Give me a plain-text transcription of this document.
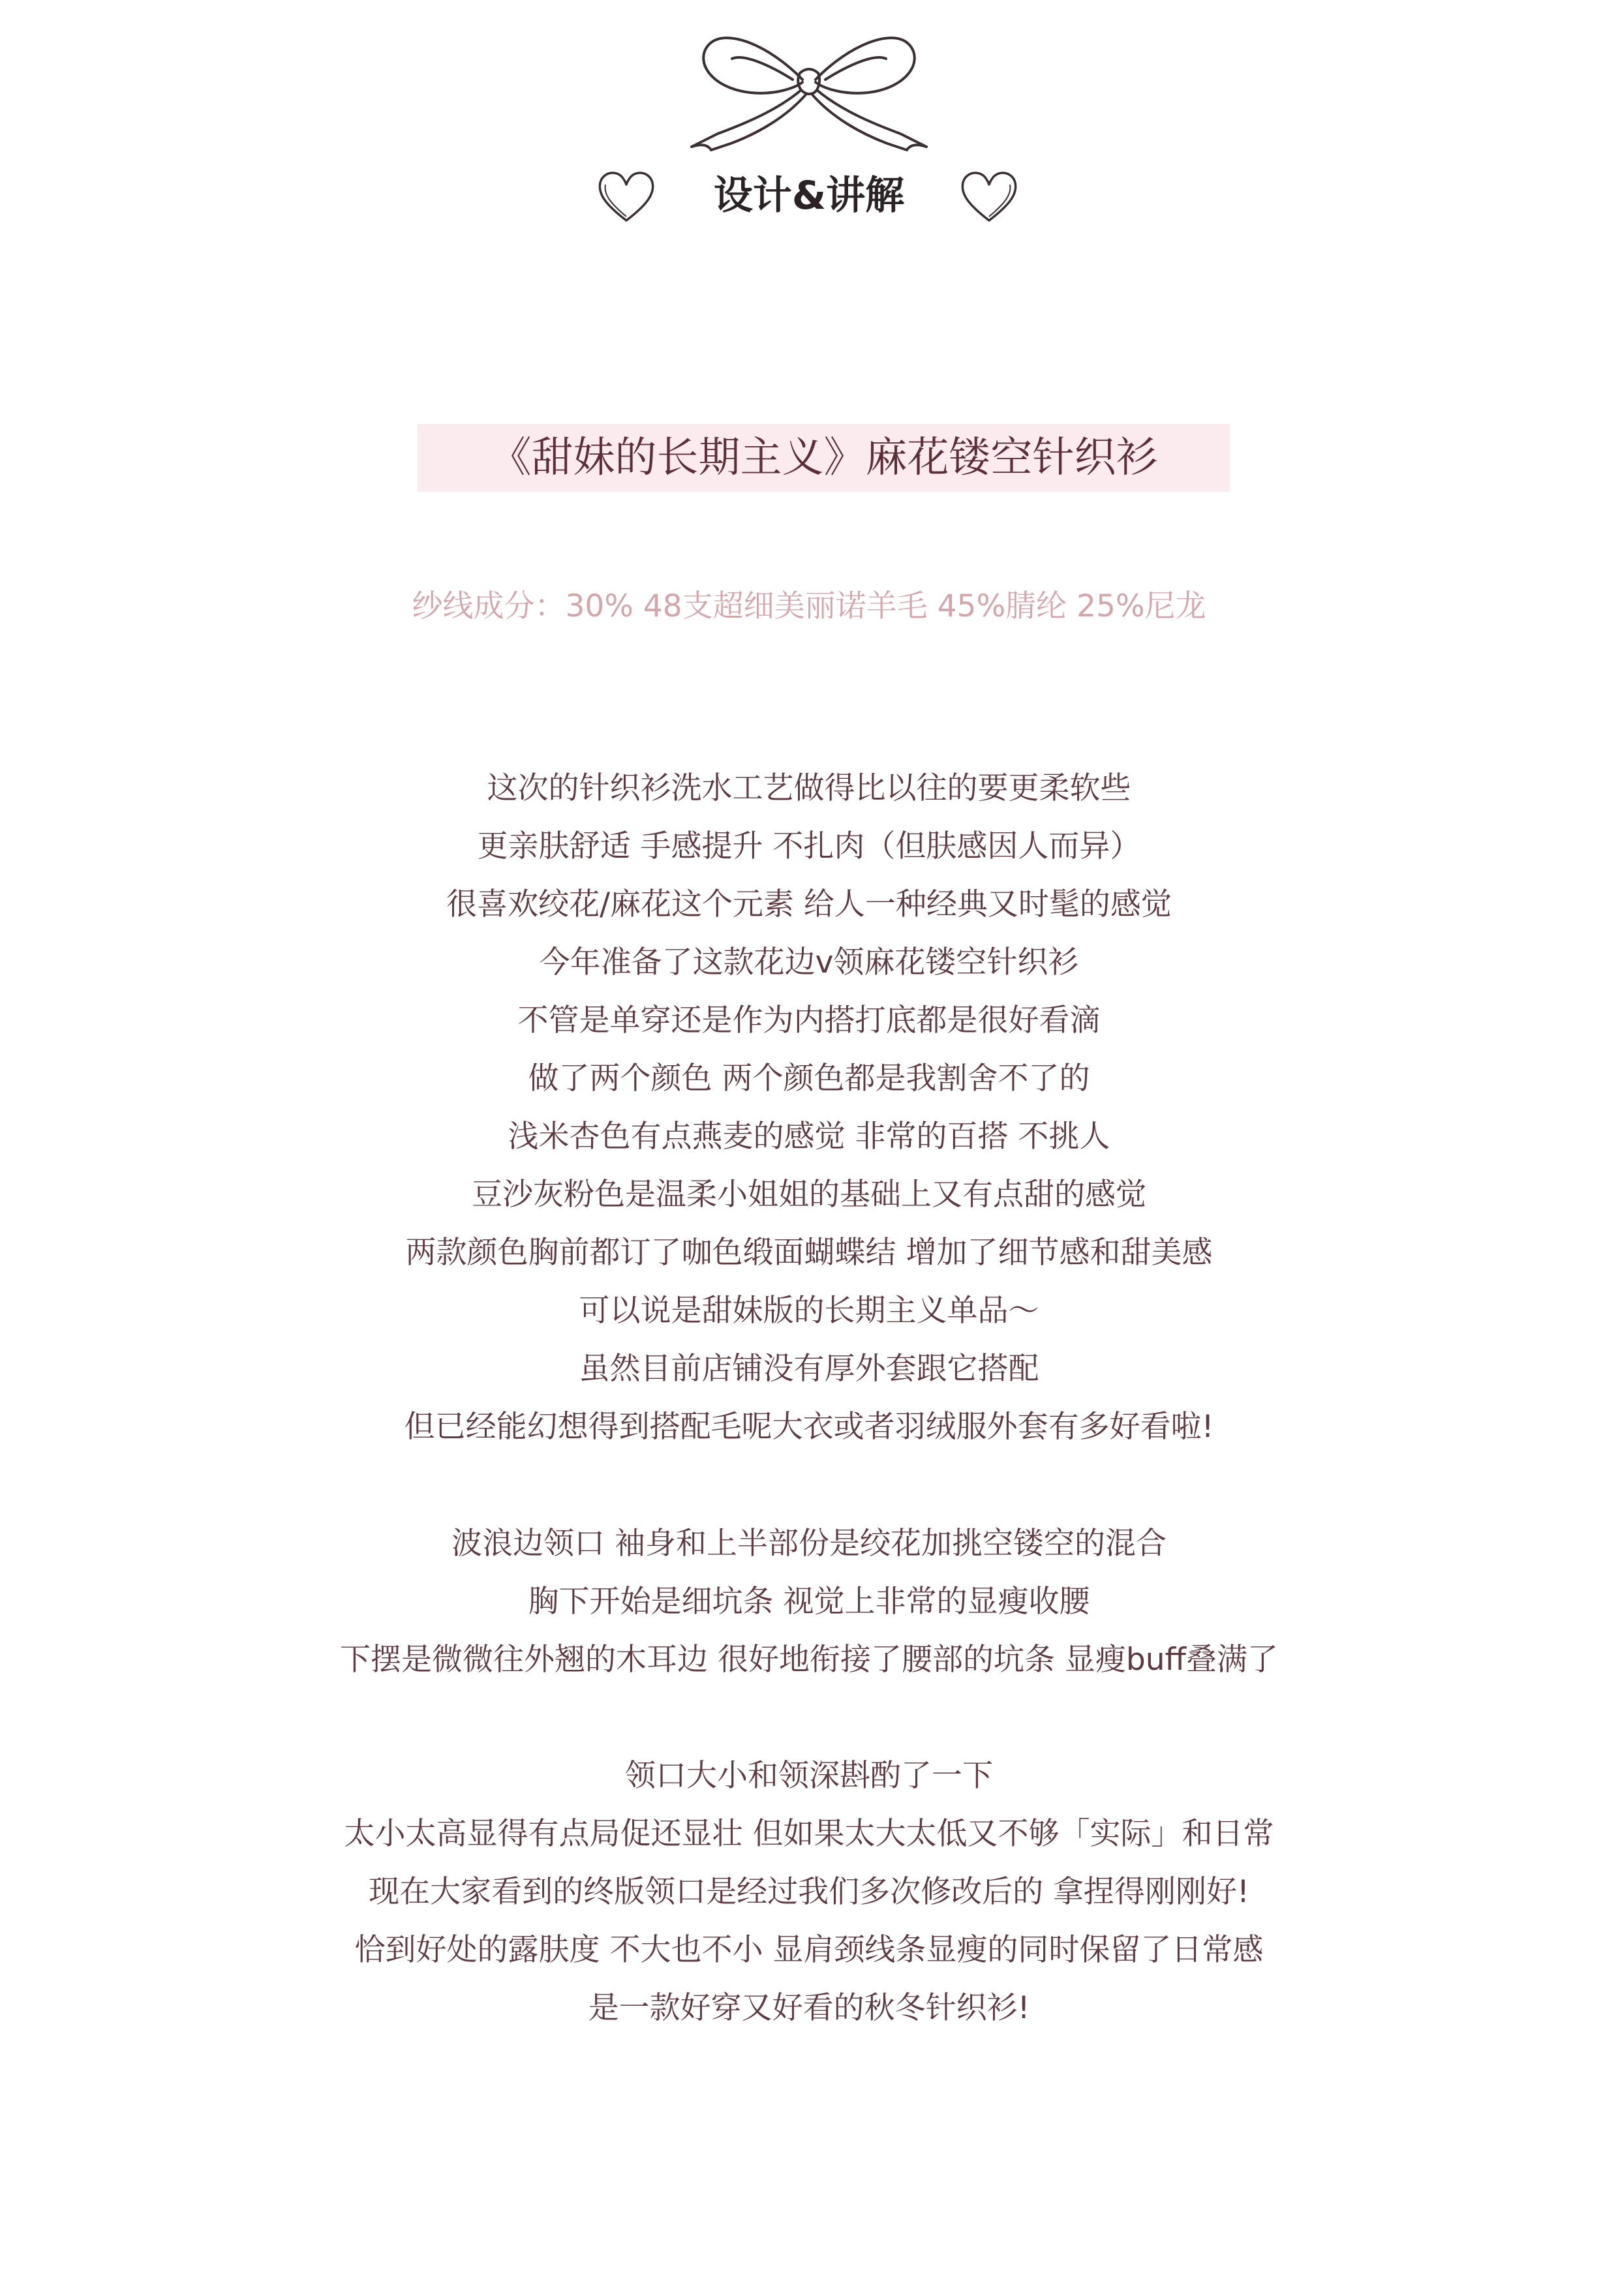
设计&讲解
《甜妹的长期主义》麻花镂空针织衫
纱线成分：30% 48支超细美丽诺羊毛 45%腈纶 25%尼龙
这次的针织衫洗水工艺做得比以往的要更柔软些
更亲肤舒适 手感提升 不扎肉（但肤感因人而异）
很喜欢绞花/麻花这个元素 给人一种经典又时髦的感觉
今年准备了这款花边v领麻花镂空针织衫
不管是单穿还是作为内搭打底都是很好看滴
做了两个颜色 两个颜色都是我割舍不了的
浅米杏色有点燕麦的感觉 非常的百搭 不挑人
豆沙灰粉色是温柔小姐姐的基础上又有点甜的感觉
两款颜色胸前都订了咖色缎面蝴蝶结 增加了细节感和甜美感
可以说是甜妹版的长期主义单品～
虽然目前店铺没有厚外套跟它搭配
但已经能幻想得到搭配毛呢大衣或者羽绒服外套有多好看啦!
波浪边领口 袖身和上半部份是绞花加挑空镂空的混合
胸下开始是细坑条 视觉上非常的显瘦收腰
下摆是微微往外翘的木耳边 很好地衔接了腰部的坑条 显瘦buff叠满了
领口大小和领深斟酌了一下
太小太高显得有点局促还显壮 但如果太大太低又不够「实际」和日常
现在大家看到的终版领口是经过我们多次修改后的 拿捏得刚刚好!
恰到好处的露肤度 不大也不小 显肩颈线条显瘦的同时保留了日常感
是一款好穿又好看的秋冬针织衫!
